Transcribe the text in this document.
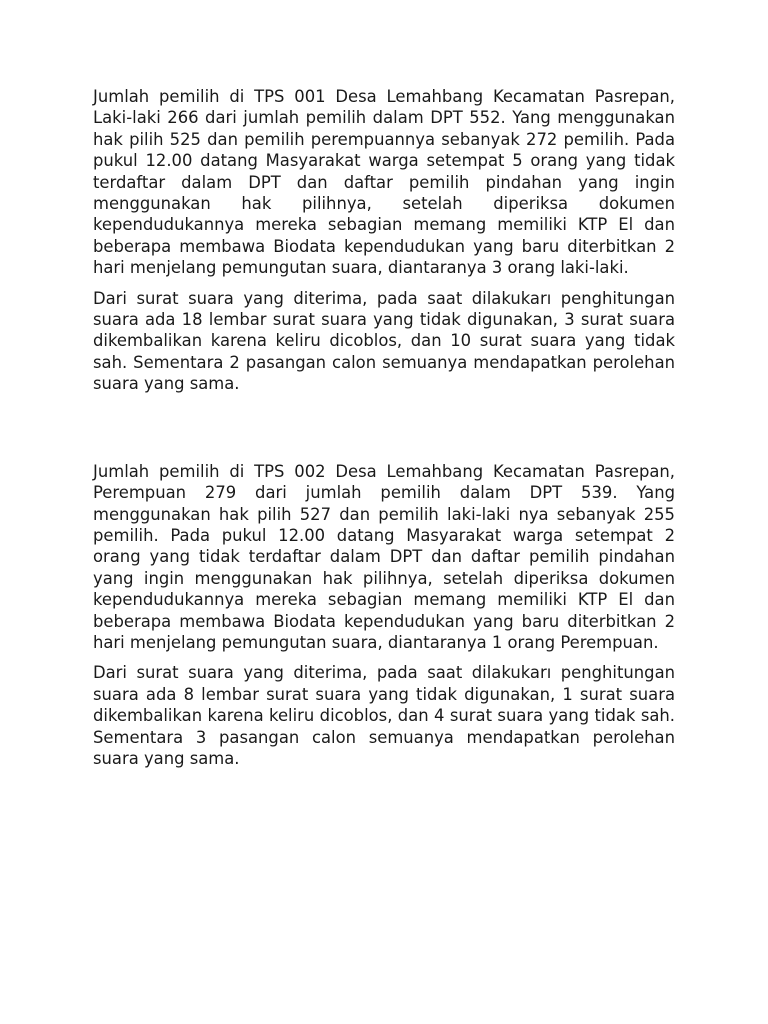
Jumlah pemilih di TPS 001 Desa Lemahbang Kecamatan Pasrepan, Laki-laki 266 dari jumlah pemilih dalam DPT 552. Yang menggunakan hak pilih 525 dan pemilih perempuannya sebanyak 272 pemilih. Pada pukul 12.00 datang Masyarakat warga setempat 5 orang yang tidak terdaftar dalam DPT dan daftar pemilih pindahan yang ingin menggunakan hak pilihnya, setelah diperiksa dokumen kependudukannya mereka sebagian memang memiliki KTP El dan beberapa membawa Biodata kependudukan yang baru diterbitkan 2 hari menjelang pemungutan suara, diantaranya 3 orang laki-laki.

Dari surat suara yang diterima, pada saat dilakukarı penghitungan suara ada 18 lembar surat suara yang tidak digunakan, 3 surat suara dikembalikan karena keliru dicoblos, dan 10 surat suara yang tidak sah. Sementara 2 pasangan calon semuanya mendapatkan perolehan suara yang sama.

Jumlah pemilih di TPS 002 Desa Lemahbang Kecamatan Pasrepan, Perempuan 279 dari jumlah pemilih dalam DPT 539. Yang menggunakan hak pilih 527 dan pemilih laki-laki nya sebanyak 255 pemilih. Pada pukul 12.00 datang Masyarakat warga setempat 2 orang yang tidak terdaftar dalam DPT dan daftar pemilih pindahan yang ingin menggunakan hak pilihnya, setelah diperiksa dokumen kependudukannya mereka sebagian memang memiliki KTP El dan beberapa membawa Biodata kependudukan yang baru diterbitkan 2 hari menjelang pemungutan suara, diantaranya 1 orang Perempuan.

Dari surat suara yang diterima, pada saat dilakukarı penghitungan suara ada 8 lembar surat suara yang tidak digunakan, 1 surat suara dikembalikan karena keliru dicoblos, dan 4 surat suara yang tidak sah. Sementara 3 pasangan calon semuanya mendapatkan perolehan suara yang sama.
